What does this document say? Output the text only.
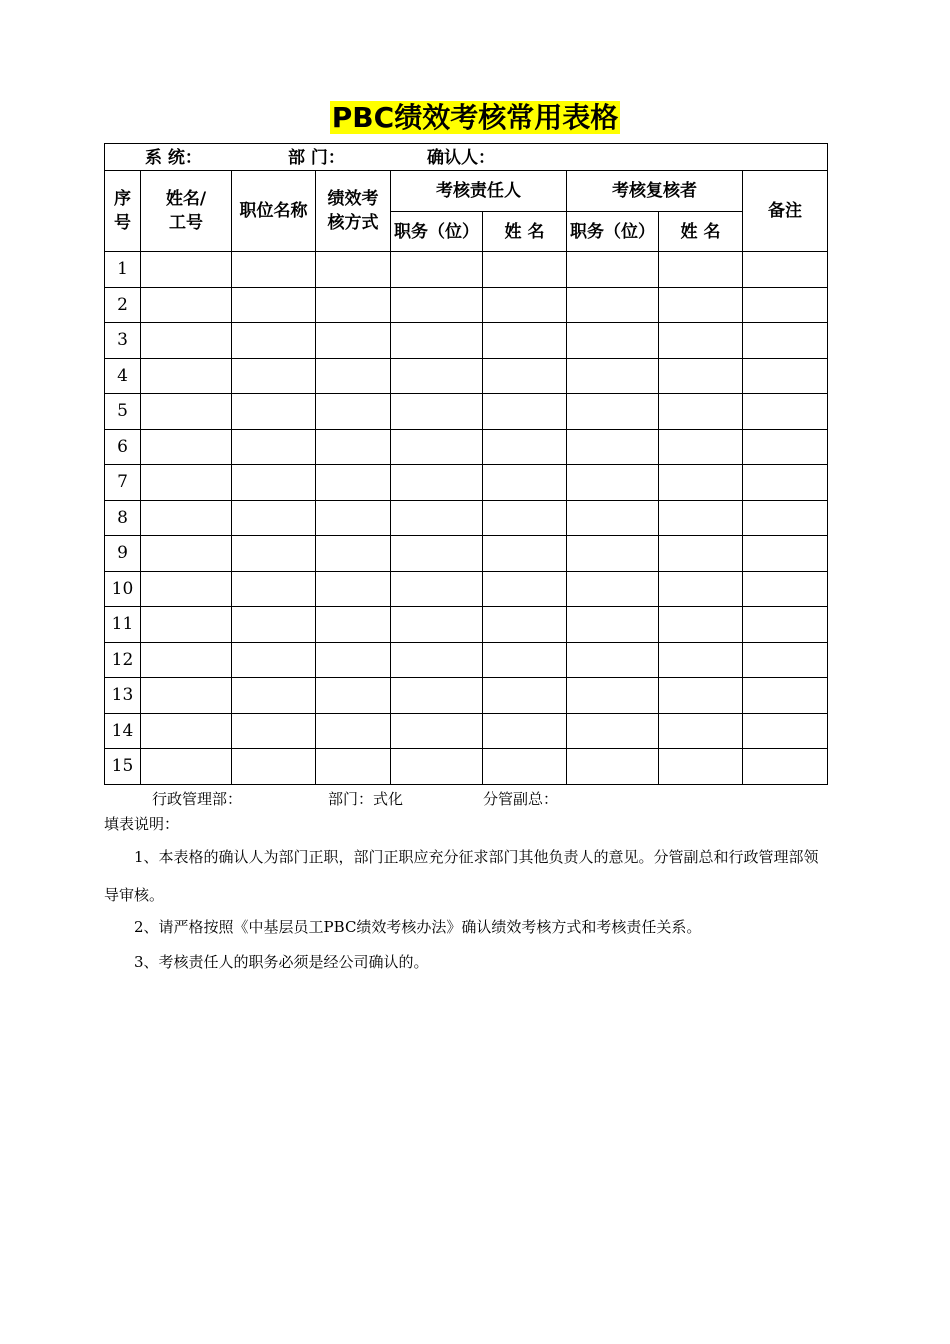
PBC绩效考核常用表格
系 统： 部 门： 确认人：								

序号	姓名/工号	职位名称	绩效考核方式	考核责任人		考核复核者		备注
				职务（位）	姓 名	职务（位）	姓 名	
1								
2								
3								
4								
5								
6								
7								
8								
9								
10								
11								
12								
13								
14								
15								
行政管理部：	部门：式化	分管副总：
填表说明：

1、本表格的确认人为部门正职，部门正职应充分征求部门其他负责人的意见。分管副总和行政管理部领导审核。

2、请严格按照《中基层员工PBC绩效考核办法》确认绩效考核方式和考核责任关系。

3、考核责任人的职务必须是经公司确认的。
